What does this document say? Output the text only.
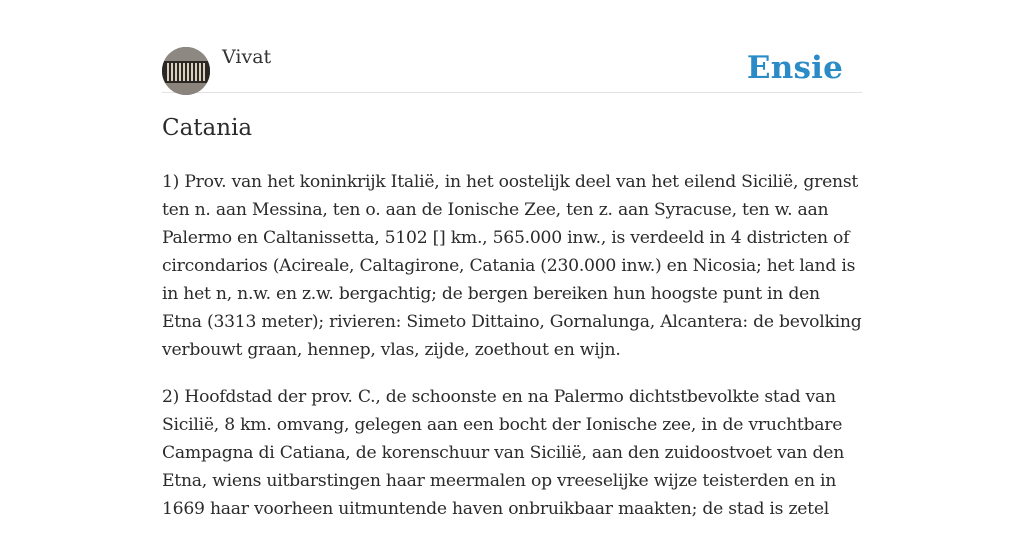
Vivat	Ensie
Catania

1) Prov. van het koninkrijk Italië, in het oostelijk deel van het eilend Sicilië, grenst ten n. aan Messina, ten o. aan de Ionische Zee, ten z. aan Syracuse, ten w. aan Palermo en Caltanissetta, 5102 [] km., 565.000 inw., is verdeeld in 4 districten of circondarios (Acireale, Caltagirone, Catania (230.000 inw.) en Nicosia; het land is in het n, n.w. en z.w. bergachtig; de bergen bereiken hun hoogste punt in den Etna (3313 meter); rivieren: Simeto Dittaino, Gornalunga, Alcantera: de bevolking verbouwt graan, hennep, vlas, zijde, zoethout en wijn.

2) Hoofdstad der prov. C., de schoonste en na Palermo dichtstbevolkte stad van Sicilië, 8 km. omvang, gelegen aan een bocht der Ionische zee, in de vruchtbare Campagna di Catiana, de korenschuur van Sicilië, aan den zuidoostvoet van den Etna, wiens uitbarstingen haar meermalen op vreeselijke wijze teisterden en in 1669 haar voorheen uitmuntende haven onbruikbaar maakten; de stad is zetel
